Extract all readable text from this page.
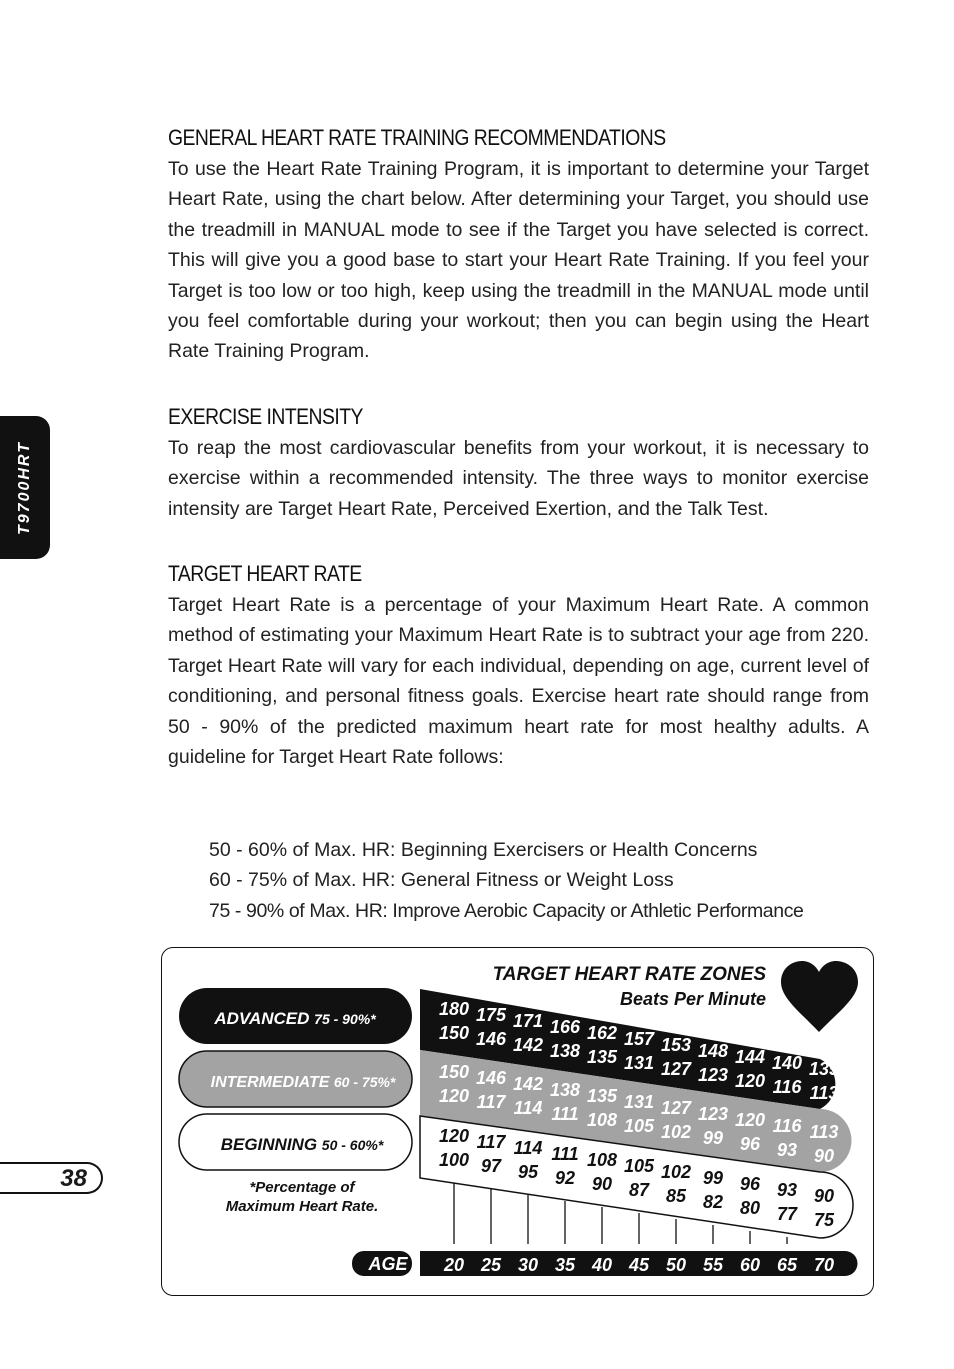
GENERAL HEART RATE TRAINING RECOMMENDATIONS

To use the Heart Rate Training Program, it is important to determine your Target Heart Rate, using the chart below. After determining your Target, you should use the treadmill in MANUAL mode to see if the Target you have selected is correct. This will give you a good base to start your Heart Rate Training. If you feel your Target is too low or too high, keep using the treadmill in the MANUAL mode until you feel comfortable during your workout; then you can begin using the Heart Rate Training Program.

EXERCISE INTENSITY

To reap the most cardiovascular benefits from your workout, it is necessary to exercise within a recommended intensity. The three ways to monitor exercise intensity are Target Heart Rate, Perceived Exertion, and the Talk Test.

TARGET HEART RATE

Target Heart Rate is a percentage of your Maximum Heart Rate. A common method of estimating your Maximum Heart Rate is to subtract your age from 220. Target Heart Rate will vary for each individual, depending on age, current level of conditioning, and personal fitness goals. Exercise heart rate should range from 50 - 90% of the predicted maximum heart rate for most healthy adults. A guideline for Target Heart Rate follows:

50 - 60% of Max. HR: Beginning Exercisers or Health Concerns
60 - 75% of Max. HR: General Fitness or Weight Loss
75 - 90% of Max. HR: Improve Aerobic Capacity or Athletic Performance
T9700HRT
38
ADVANCED 75 - 90%*
INTERMEDIATE 60 - 75%*
BEGINNING 50 - 60%*
*Percentage of
Maximum Heart Rate.
TARGET HEART RATE ZONES
Beats Per Minute
AGE
180
150
175
146
171
142
166
138
162
135
157
131
153
127
148
123
144
120
140
116
135
113
150
120
146
117
142
114
138
111
135
108
131
105
127
102
123
99
120
96
116
93
113
90
120
100
117
97
114
95
111
92
108
90
105
87
102
85
99
82
96
80
93
77
90
75
20 25 30 35 40 45 50 55 60 65 70
